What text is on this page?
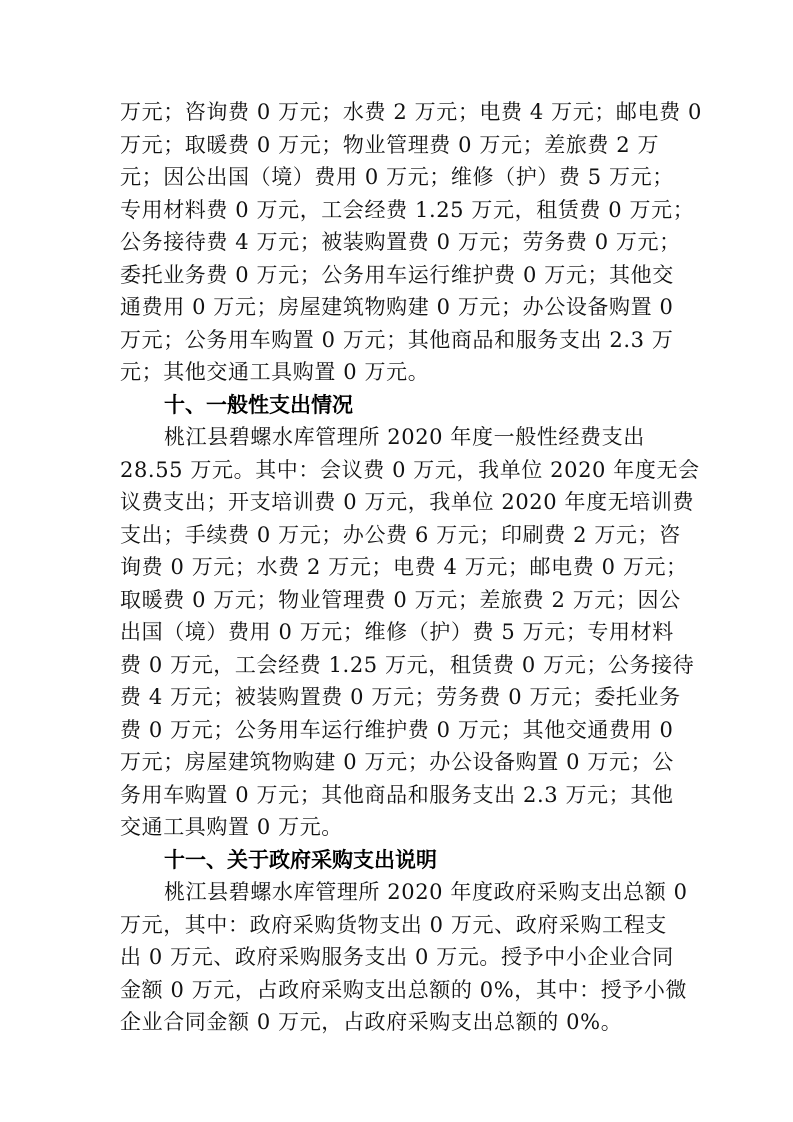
万元；咨询费 0 万元；水费 2 万元；电费 4 万元；邮电费 0
万元；取暖费 0 万元；物业管理费 0 万元；差旅费 2 万
元；因公出国（境）费用 0 万元；维修（护）费 5 万元；
专用材料费 0 万元，工会经费 1.25 万元，租赁费 0 万元；
公务接待费 4 万元；被装购置费 0 万元；劳务费 0 万元；
委托业务费 0 万元；公务用车运行维护费 0 万元；其他交
通费用 0 万元；房屋建筑物购建 0 万元；办公设备购置 0
万元；公务用车购置 0 万元；其他商品和服务支出 2.3 万
元；其他交通工具购置 0 万元。
十、一般性支出情况
桃江县碧螺水库管理所 2020 年度一般性经费支出
28.55 万元。其中：会议费 0 万元，我单位 2020 年度无会
议费支出；开支培训费 0 万元，我单位 2020 年度无培训费
支出；手续费 0 万元；办公费 6 万元；印刷费 2 万元；咨
询费 0 万元；水费 2 万元；电费 4 万元；邮电费 0 万元；
取暖费 0 万元；物业管理费 0 万元；差旅费 2 万元；因公
出国（境）费用 0 万元；维修（护）费 5 万元；专用材料
费 0 万元，工会经费 1.25 万元，租赁费 0 万元；公务接待
费 4 万元；被装购置费 0 万元；劳务费 0 万元；委托业务
费 0 万元；公务用车运行维护费 0 万元；其他交通费用 0
万元；房屋建筑物购建 0 万元；办公设备购置 0 万元；公
务用车购置 0 万元；其他商品和服务支出 2.3 万元；其他
交通工具购置 0 万元。
十一、关于政府采购支出说明
桃江县碧螺水库管理所 2020 年度政府采购支出总额 0
万元，其中：政府采购货物支出 0 万元、政府采购工程支
出 0 万元、政府采购服务支出 0 万元。授予中小企业合同
金额 0 万元，占政府采购支出总额的 0%，其中：授予小微
企业合同金额 0 万元，占政府采购支出总额的 0%。
